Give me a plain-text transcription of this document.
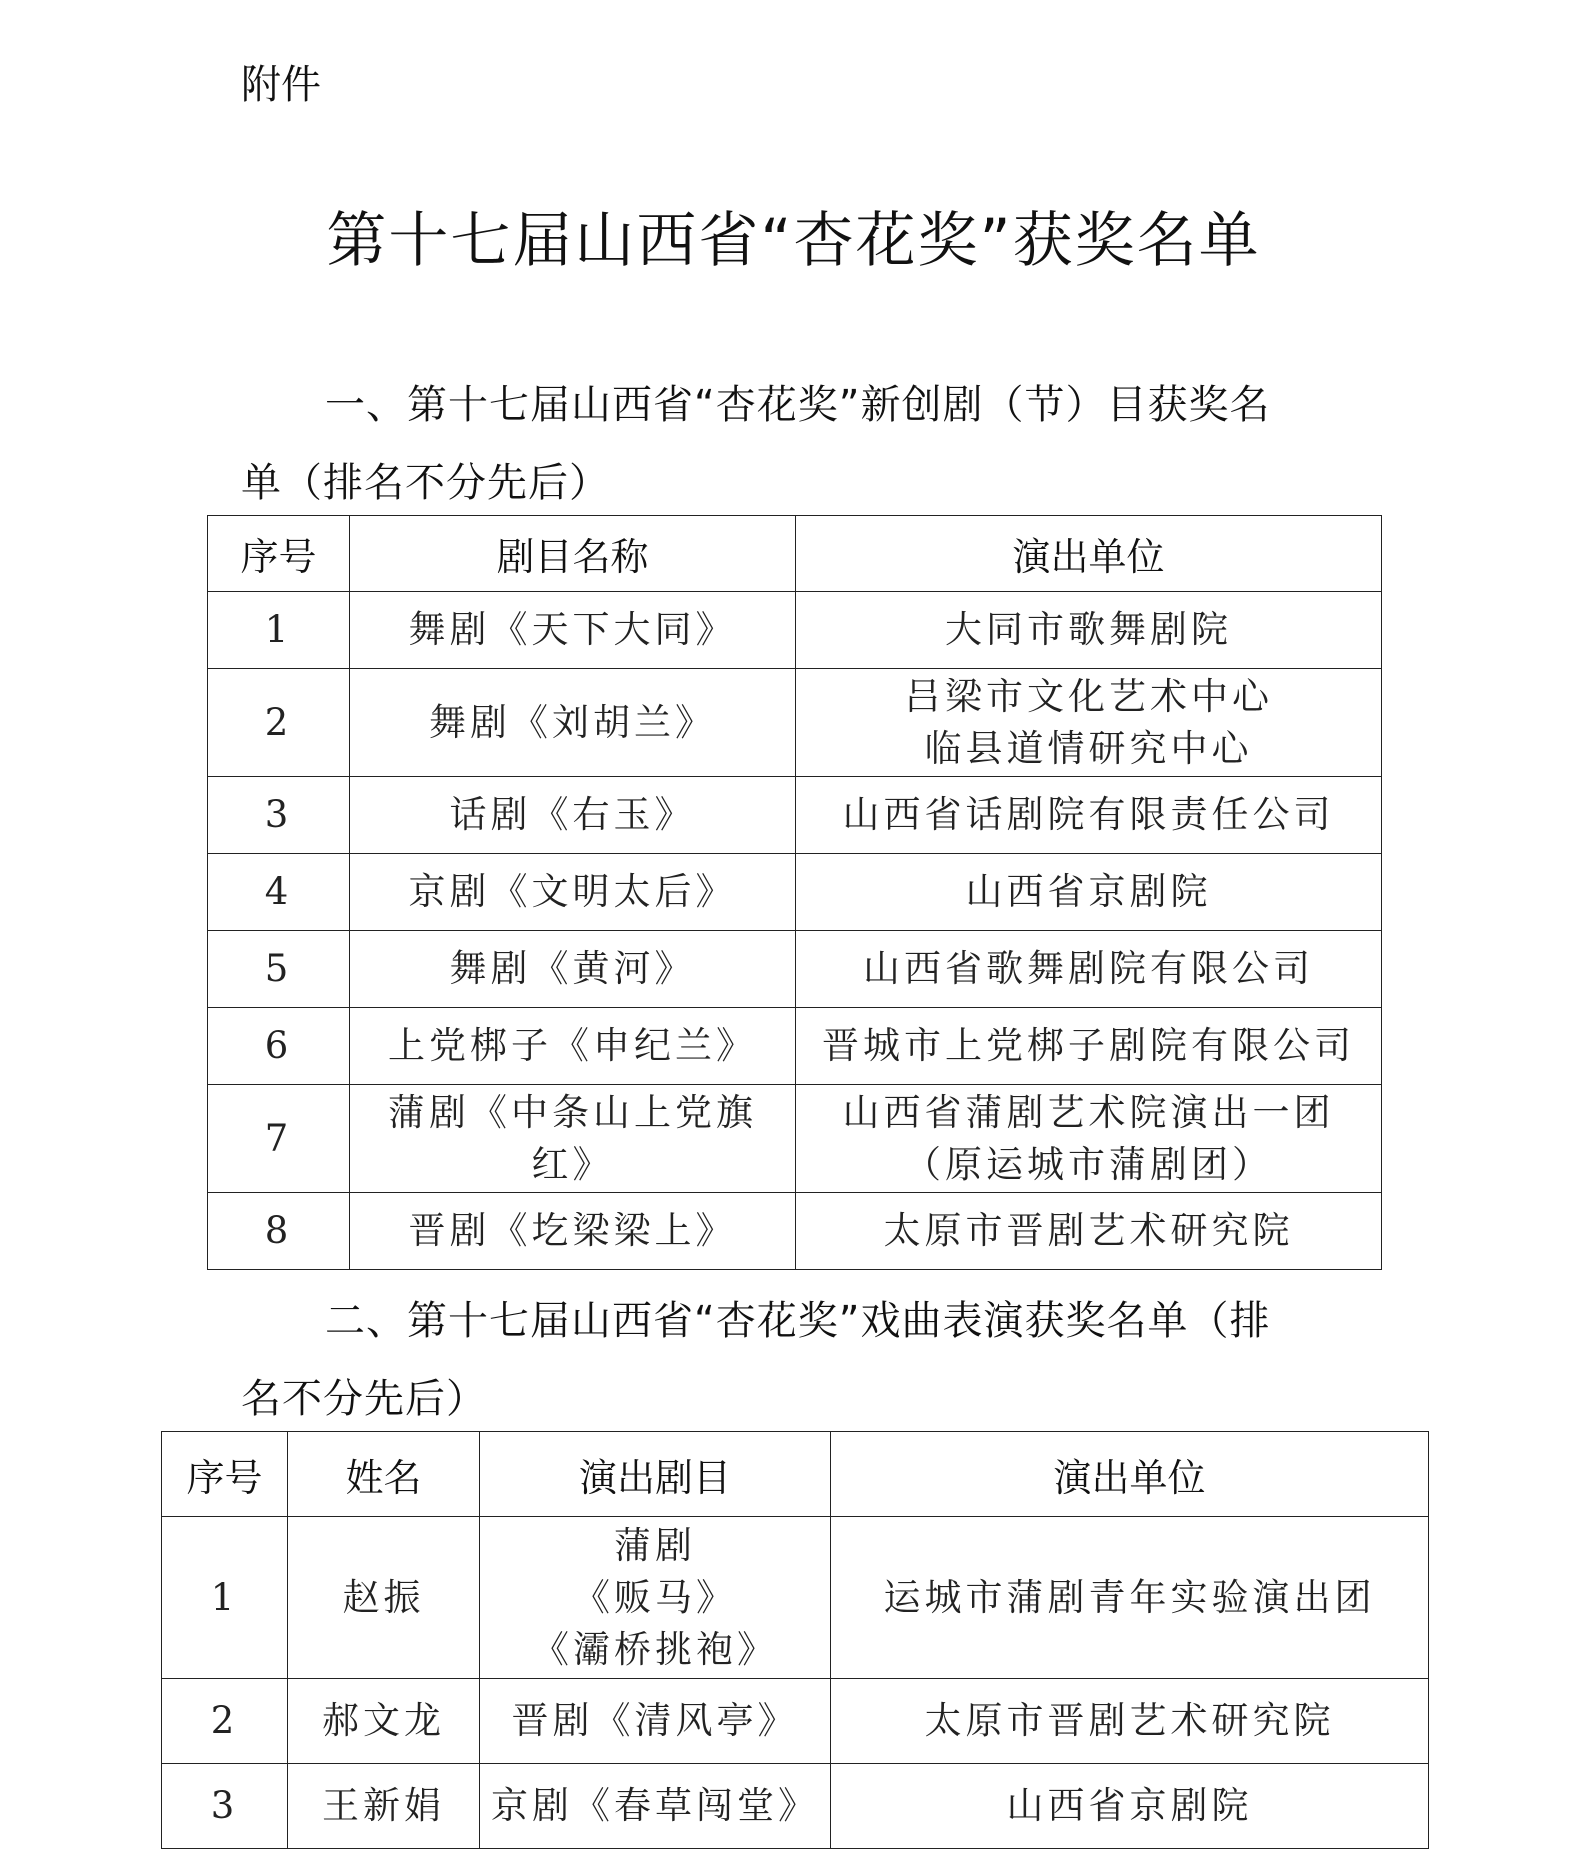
附件
第十七届山西省“杏花奖”获奖名单
一、第十七届山西省“杏花奖”新创剧（节）目获奖名
单（排名不分先后）
序号	剧目名称	演出单位
1	舞剧《天下大同》	大同市歌舞剧院
2	舞剧《刘胡兰》	吕梁市文化艺术中心
临县道情研究中心

3	话剧《右玉》	山西省话剧院有限责任公司
4	京剧《文明太后》	山西省京剧院
5	舞剧《黄河》	山西省歌舞剧院有限公司
6	上党梆子《申纪兰》	晋城市上党梆子剧院有限公司
7	蒲剧《中条山上党旗
红》	山西省蒲剧艺术院演出一团
（原运城市蒲剧团）

8	晋剧《圪梁梁上》	太原市晋剧艺术研究院
二、第十七届山西省“杏花奖”戏曲表演获奖名单（排
名不分先后）
序号	姓名	演出剧目	演出单位
1	赵振	蒲剧
《贩马》
《灞桥挑袍》	运城市蒲剧青年实验演出团
2	郝文龙	晋剧《清风亭》	太原市晋剧艺术研究院
3	王新娟	京剧《春草闯堂》	山西省京剧院
